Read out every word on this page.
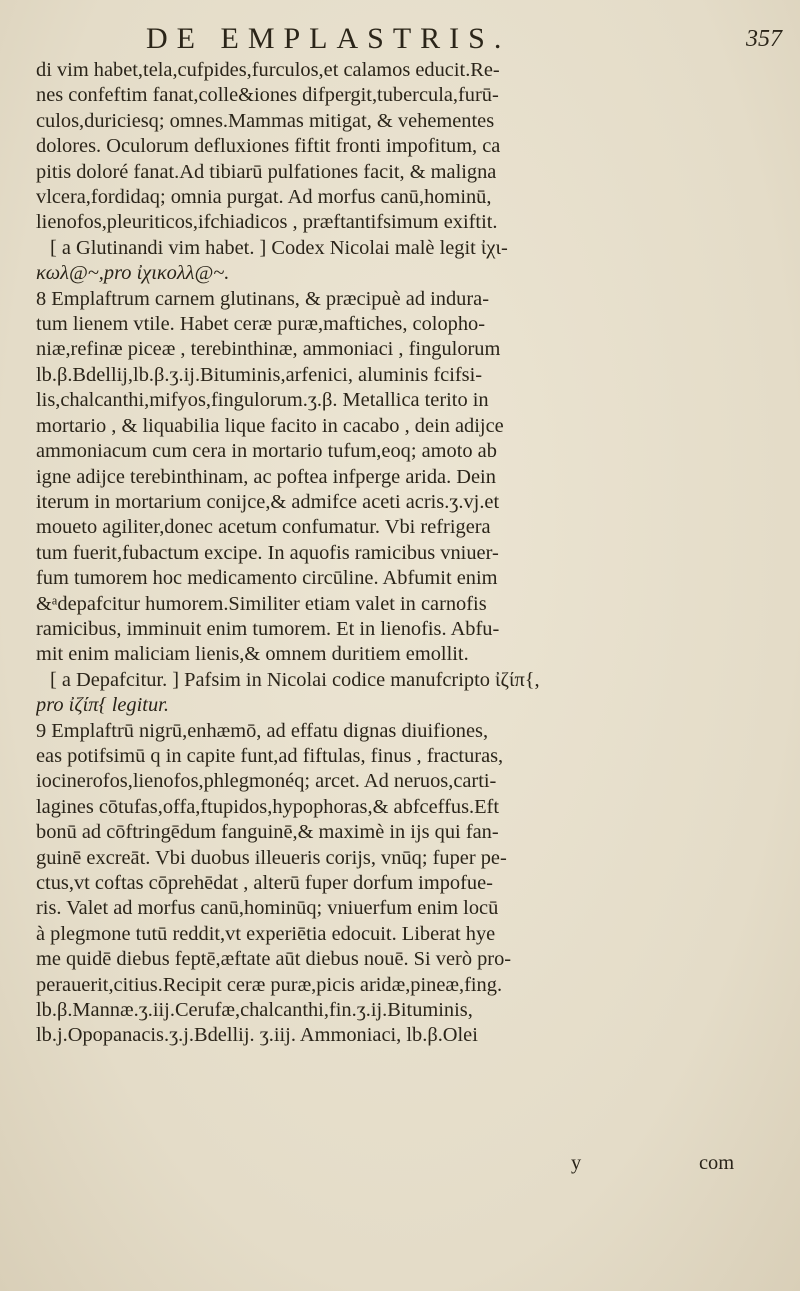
DE EMPLASTRIS.	357
di vim habet,tela,cufpides,furculos,et calamos educit.Re-
nes confeftim fanat,colle&iones difpergit,tubercula,furū-
culos,duriciesq; omnes.Mammas mitigat, & vehementes
dolores. Oculorum defluxiones fiftit fronti impofitum, ca
pitis doloré fanat.Ad tibiarū pulfationes facit, & maligna
vlcera,fordidaq; omnia purgat. Ad morfus canū,hominū,
lienofos,pleuriticos,ifchiadicos , præftantifsimum exiftit.
[ a Glutinandi vim habet. ] Codex Nicolai malè legit ἰχι-
κωλ@~,pro ἰχικολλ@~.
8 Emplaftrum carnem glutinans, & præcipuè ad indura-
tum lienem vtile. Habet ceræ puræ,maftiches, colopho-
niæ,refinæ piceæ , terebinthinæ, ammoniaci , fingulorum
lb.β.Bdellij,lb.β.ʒ.ij.Bituminis,arfenici, aluminis fcifsi-
lis,chalcanthi,mifyos,fingulorum.ʒ.β. Metallica terito in
mortario , & liquabilia lique facito in cacabo , dein adijce
ammoniacum cum cera in mortario tufum,eoq; amoto ab
igne adijce terebinthinam, ac poftea infperge arida. Dein
iterum in mortarium conijce,& admifce aceti acris.ʒ.vj.et
moueto agiliter,donec acetum confumatur. Vbi refrigera
tum fuerit,fubactum excipe. In aquofis ramicibus vniuer-
fum tumorem hoc medicamento circūline. Abfumit enim
&ᵃdepafcitur humorem.Similiter etiam valet in carnofis
ramicibus, imminuit enim tumorem. Et in lienofis. Abfu-
mit enim maliciam lienis,& omnem duritiem emollit.
[ a Depafcitur. ] Pafsim in Nicolai codice manufcripto ἰζίπ{,
pro ἰζίπ{ legitur.
9 Emplaftrū nigrū,enhæmō, ad effatu dignas diuifiones,
eas potifsimū q in capite funt,ad fiftulas, finus , fracturas,
iocinerofos,lienofos,phlegmonéq; arcet. Ad neruos,carti-
lagines cōtufas,offa,ftupidos,hypophoras,& abfceffus.Eft
bonū ad cōftringēdum fanguinē,& maximè in ijs qui fan-
guinē excreāt. Vbi duobus illeueris corijs, vnūq; fuper pe-
ctus,vt coftas cōprehēdat , alterū fuper dorfum impofue-
ris. Valet ad morfus canū,hominūq; vniuerfum enim locū
à plegmone tutū reddit,vt experiētia edocuit. Liberat hye
me quidē diebus feptē,æftate aūt diebus nouē. Si verò pro-
perauerit,citius.Recipit ceræ puræ,picis aridæ,pineæ,fing.
lb.β.Mannæ.ʒ.iij.Cerufæ,chalcanthi,fin.ʒ.ij.Bituminis,
lb.j.Opopanacis.ʒ.j.Bdellij. ʒ.iij. Ammoniaci, lb.β.Olei
y	com
